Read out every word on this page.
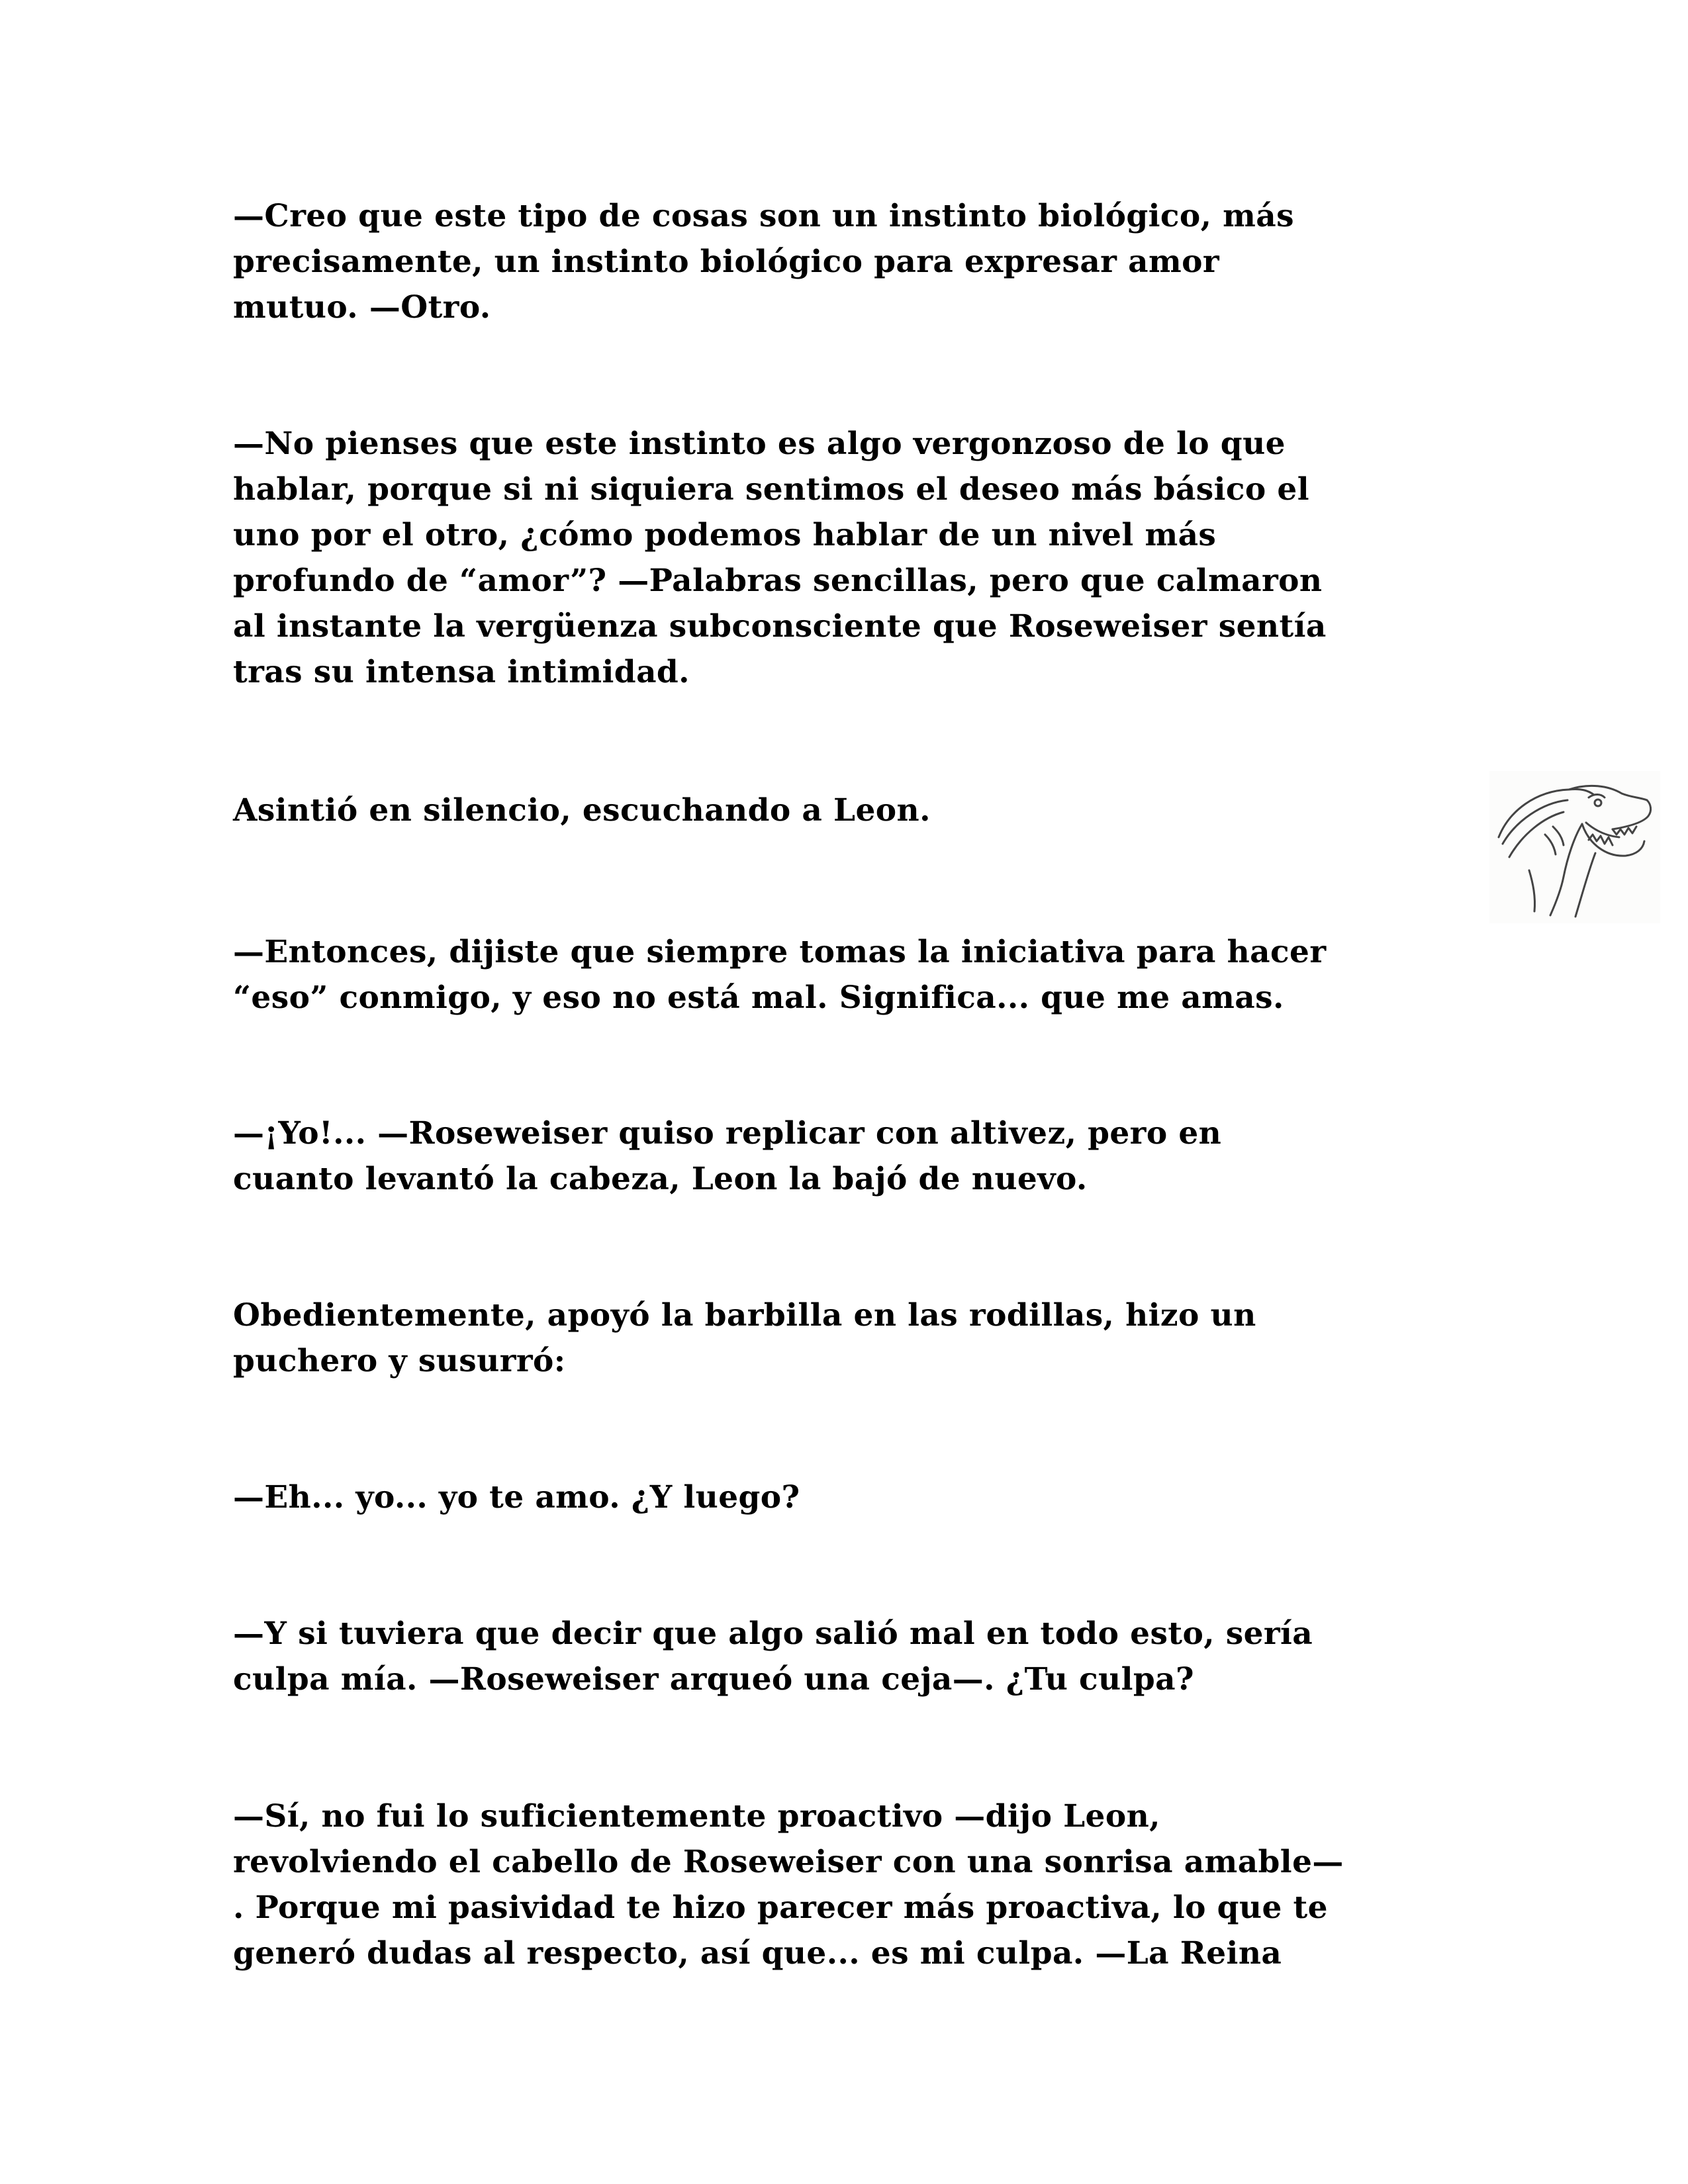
—Creo que este tipo de cosas son un instinto biológico, más
precisamente, un instinto biológico para expresar amor
mutuo. —Otro.

—No pienses que este instinto es algo vergonzoso de lo que
hablar, porque si ni siquiera sentimos el deseo más básico el
uno por el otro, ¿cómo podemos hablar de un nivel más
profundo de “amor”? —Palabras sencillas, pero que calmaron
al instante la vergüenza subconsciente que Roseweiser sentía
tras su intensa intimidad.

Asintió en silencio, escuchando a Leon.

—Entonces, dijiste que siempre tomas la iniciativa para hacer
“eso” conmigo, y eso no está mal. Significa... que me amas.

—¡Yo!... —Roseweiser quiso replicar con altivez, pero en
cuanto levantó la cabeza, Leon la bajó de nuevo.

Obedientemente, apoyó la barbilla en las rodillas, hizo un
puchero y susurró:

—Eh... yo... yo te amo. ¿Y luego?

—Y si tuviera que decir que algo salió mal en todo esto, sería
culpa mía. —Roseweiser arqueó una ceja—. ¿Tu culpa?

—Sí, no fui lo suficientemente proactivo —dijo Leon,
revolviendo el cabello de Roseweiser con una sonrisa amable—
. Porque mi pasividad te hizo parecer más proactiva, lo que te
generó dudas al respecto, así que... es mi culpa. —La Reina
